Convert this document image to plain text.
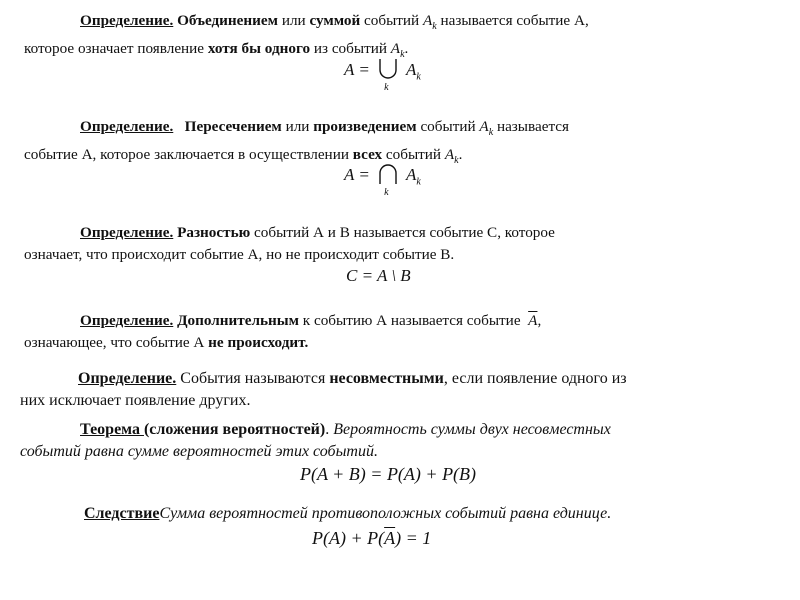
Определение. Объединением или суммой событий $A_k$ называется событие А,
которое означает появление хотя бы одного из событий $A_k$.
A =
k
$A_k$
Определение. Пересечением или произведением событий $A_k$ называется
событие А, которое заключается в осуществлении всех событий $A_k$.
A =
k
$A_k$
Определение. Разностью событий А и В называется событие С, которое
означает, что происходит событие А, но не происходит событие В.
C = A \ B
Определение. Дополнительным к событию А называется событие  $\overline{A}$,
означающее, что событие А не происходит.
Определение. События называются несовместными, если появление одного из
них исключает появление других.
Теорема (сложения вероятностей). Вероятность суммы двух несовместных
событий равна сумме вероятностей этих событий.
P(A + B) = P(A) + P(B)
СледствиеСумма вероятностей противоположных событий равна единице.
$P(A) + P(\overline{A}) = 1$
